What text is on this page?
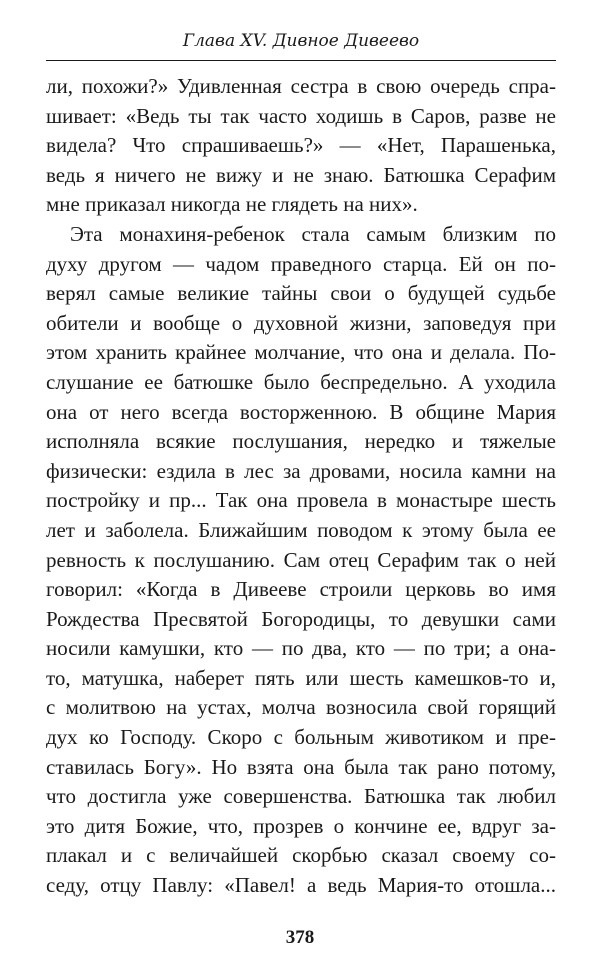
Глава XV. Дивное Дивеево
ли, похожи?» Удивленная сестра в свою очередь спра-
шивает: «Ведь ты так часто ходишь в Саров, разве не
видела? Что спрашиваешь?» — «Нет, Парашенька,
ведь я ничего не вижу и не знаю. Батюшка Серафим
мне приказал никогда не глядеть на них».
Эта монахиня-ребенок стала самым близким по
духу другом — чадом праведного старца. Ей он по-
верял самые великие тайны свои о будущей судьбе
обители и вообще о духовной жизни, заповедуя при
этом хранить крайнее молчание, что она и делала. По-
слушание ее батюшке было беспредельно. А уходила
она от него всегда восторженною. В общине Мария
исполняла всякие послушания, нередко и тяжелые
физически: ездила в лес за дровами, носила камни на
постройку и пр... Так она провела в монастыре шесть
лет и заболела. Ближайшим поводом к этому была ее
ревность к послушанию. Сам отец Серафим так о ней
говорил: «Когда в Дивееве строили церковь во имя
Рождества Пресвятой Богородицы, то девушки сами
носили камушки, кто — по два, кто — по три; а она-
то, матушка, наберет пять или шесть камешков-то и,
с молитвою на устах, молча возносила свой горящий
дух ко Господу. Скоро с больным животиком и пре-
ставилась Богу». Но взята она была так рано потому,
что достигла уже совершенства. Батюшка так любил
это дитя Божие, что, прозрев о кончине ее, вдруг за-
плакал и с величайшей скорбью сказал своему со-
седу, отцу Павлу: «Павел! а ведь Мария-то отошла...
378
